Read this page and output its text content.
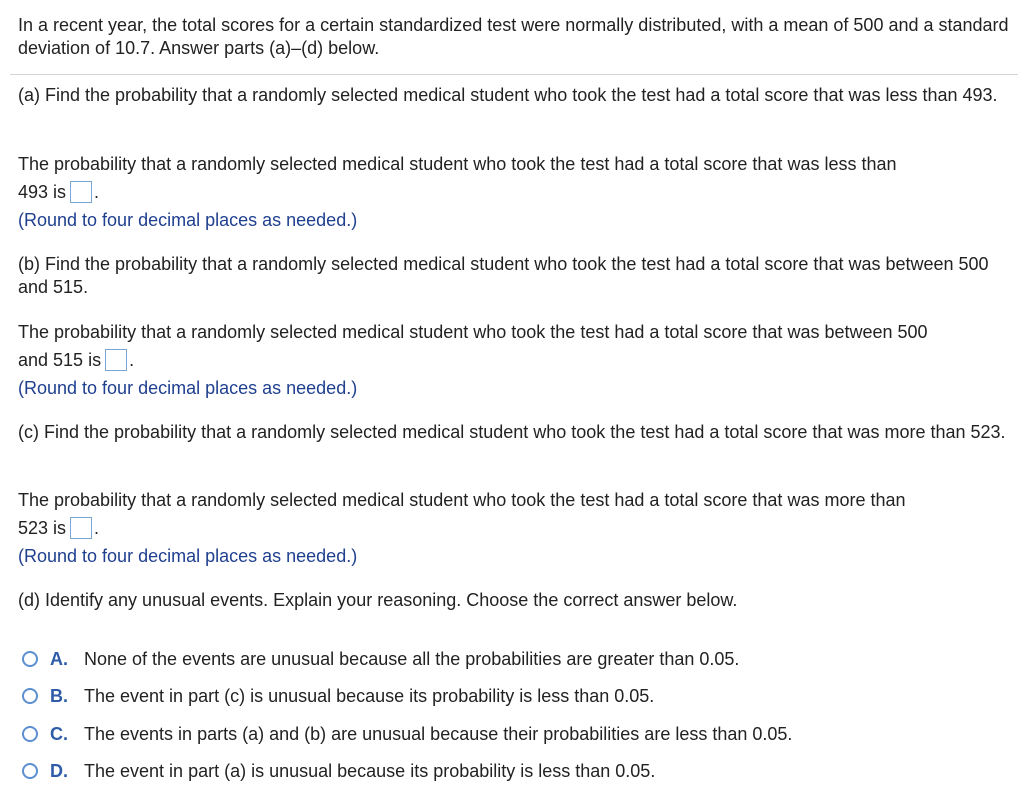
In a recent year, the total scores for a certain standardized test were normally distributed, with a mean of 500 and a standard deviation of 10.7. Answer parts (a)–(d) below.
(a) Find the probability that a randomly selected medical student who took the test had a total score that was less than 493.
The probability that a randomly selected medical student who took the test had a total score that was less than
493 is .
(Round to four decimal places as needed.)
(b) Find the probability that a randomly selected medical student who took the test had a total score that was between 500 and 515.
The probability that a randomly selected medical student who took the test had a total score that was between 500
and 515 is .
(Round to four decimal places as needed.)
(c) Find the probability that a randomly selected medical student who took the test had a total score that was more than 523.
The probability that a randomly selected medical student who took the test had a total score that was more than
523 is .
(Round to four decimal places as needed.)
(d) Identify any unusual events. Explain your reasoning. Choose the correct answer below.
A. None of the events are unusual because all the probabilities are greater than 0.05.
B. The event in part (c) is unusual because its probability is less than 0.05.
C. The events in parts (a) and (b) are unusual because their probabilities are less than 0.05.
D. The event in part (a) is unusual because its probability is less than 0.05.
